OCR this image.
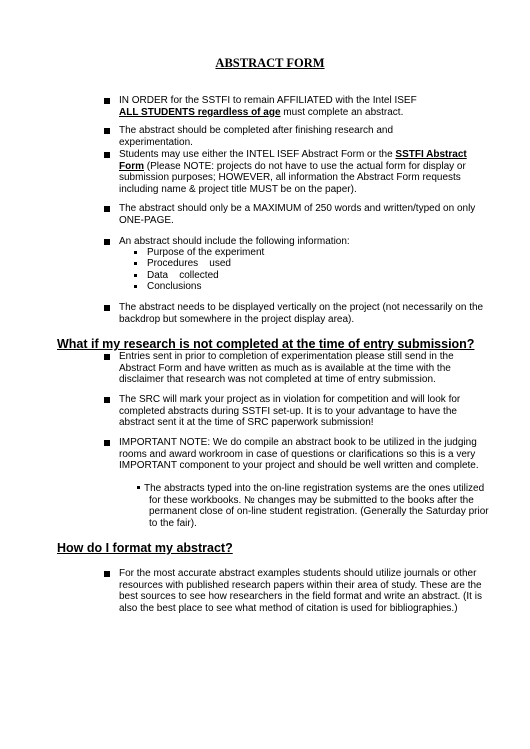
ABSTRACT FORM
IN ORDER for the SSTFI to remain AFFILIATED with the Intel ISEF
ALL STUDENTS regardless of age must complete an abstract.
The abstract should be completed after finishing research and experimentation.
Students may use either the INTEL ISEF Abstract Form or the SSTFI Abstract Form (Please NOTE: projects do not have to use the actual form for display or submission purposes; HOWEVER, all information the Abstract Form requests including name & project title MUST be on the paper).
The abstract should only be a MAXIMUM of 250 words and written/typed on only ONE-PAGE.
An abstract should include the following information:
Purpose of the experiment
Procedures    used
Data    collected
Conclusions
The abstract needs to be displayed vertically on the project (not necessarily on the backdrop but somewhere in the project display area).
What if my research is not completed at the time of entry submission?
Entries sent in prior to completion of experimentation please still send in the Abstract Form and have written as much as is available at the time with the disclaimer that research was not completed at time of entry submission.
The SRC will mark your project as in violation for competition and will look for completed abstracts during SSTFI set-up. It is to your advantage to have the abstract sent it at the time of SRC paperwork submission!
IMPORTANT NOTE: We do compile an abstract book to be utilized in the judging rooms and award workroom in case of questions or clarifications so this is a very IMPORTANT component to your project and should be well written and complete.
The abstracts typed into the on-line registration systems are the ones utilized for these workbooks. № changes may be submitted to the books after the permanent close of on-line student registration. (Generally the Saturday prior to the fair).
How do I format my abstract?
For the most accurate abstract examples students should utilize journals or other resources with published research papers within their area of study. These are the best sources to see how researchers in the field format and write an abstract. (It is also the best place to see what method of citation is used for bibliographies.)
